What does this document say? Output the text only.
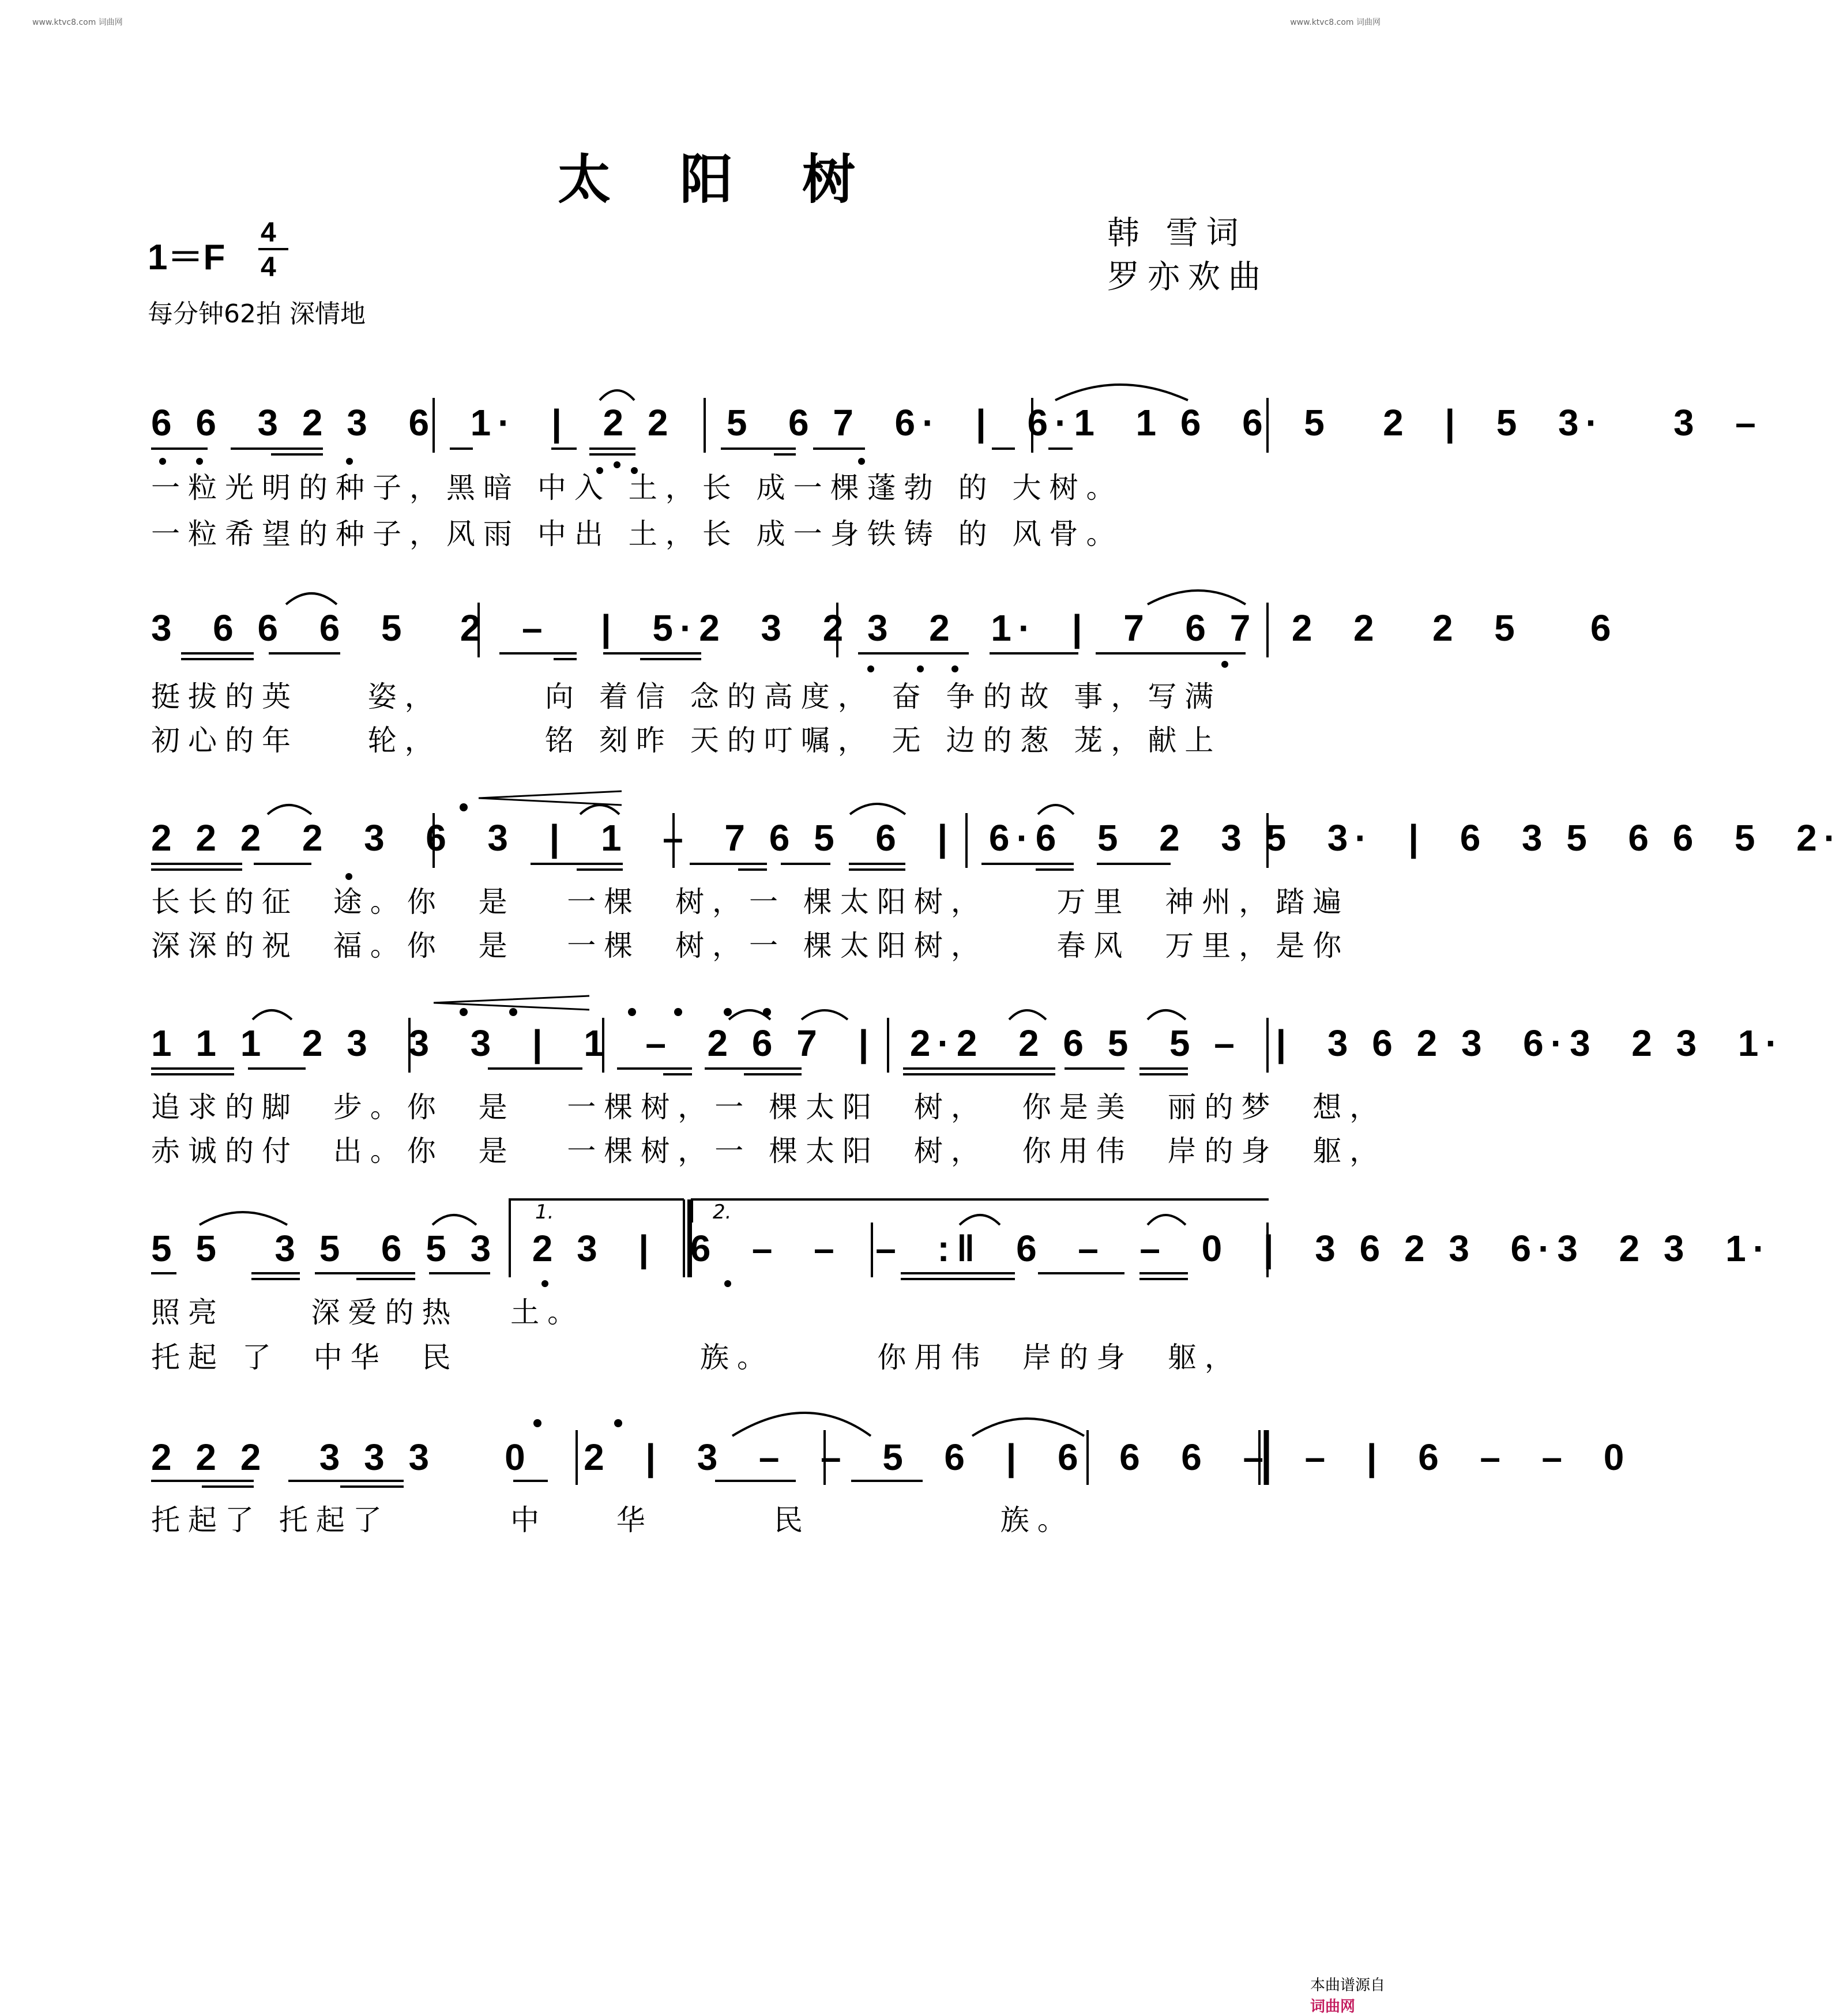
www.ktvc8.com 词曲网	www.ktvc8.com 词曲网
太阳树
韩 雪词
罗亦欢曲
1＝F
4
4
每分钟62拍 深情地
6 6  3 2 3  6  1·  |  2 2   5  6 7  6·  |  6·1  1 6  6  5   2  |  5  3·    3  –
一粒光明的种子，黑暗 中入 土，长 成一棵蓬勃 的 大树。
一粒希望的种子，风雨 中出 土，长 成一身铁铸 的 风骨。
3  6 6  6  5   2  –   |  5·2  3  2 3  2  1·  |  7  6 7  2  2   2  5    6
挺拔的英    姿，      向 着信 念的高度， 奋 争的故 事，写满
初心的年    轮，      铭 刻昨 天的叮嘱， 无 边的葱 茏，献上
2 2 2  2  3  6  3  |  1  –  7 6 5  6  |  6·6  5  2  3 5  3·  |  6  3 5  6 6  5  2·
长长的征  途。你  是   一棵  树，一 棵太阳树，    万里  神州，踏遍
深深的祝  福。你  是   一棵  树，一 棵太阳树，    春风  万里，是你
1 1 1  2 3  3  3  |  1  –  2 6 7  |  2·2  2 6 5  5 –  |  3 6 2 3  6·3  2 3  1·
追求的脚  步。你  是   一棵树，一 棵太阳  树，  你是美  丽的梦  想，
赤诚的付  出。你  是   一棵树，一 棵太阳  树，  你用伟  岸的身  躯，
1.	2.
5 5   3 5  6 5 3  2 3  |  6  –  –  –  :‖  6  –  –  0  |  3 6 2 3  6·3  2 3  1·
照亮     深爱的热   土。
托起 了  中华  民              族。      你用伟  岸的身  躯，
2 2 2   3 3 3    0   2  |  3  –  –  5  6  |  6  6  6  –  –  |  6  –  –  0
托起了 托起了       中    华       民           族。

本曲谱源自
词曲网
